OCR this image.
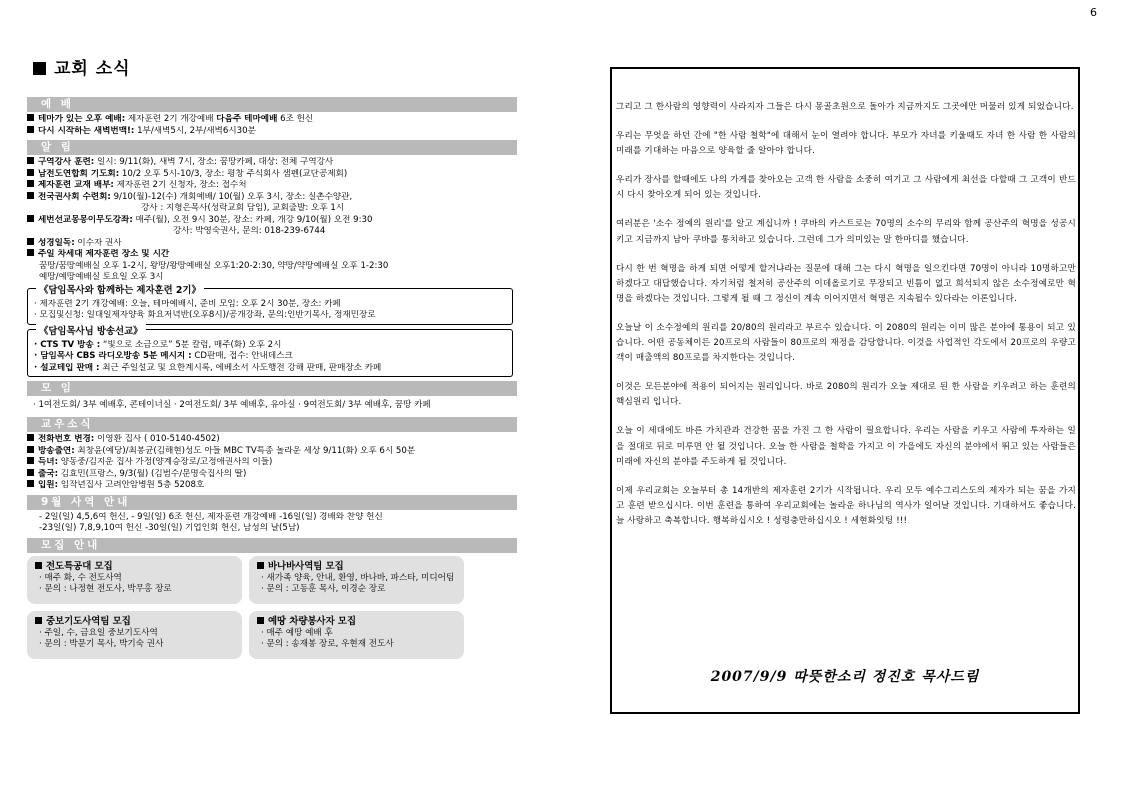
6
교회 소식
예 배
테마가 있는 오후 예배: 제자훈련 2기 개강예배 다음주 테마예배 6조 헌신
다시 시작하는 새벽번맥!: 1부/새벽5시, 2부/새벽6시30분
알 림
구역강사 훈련: 일시: 9/11(화), 새벽 7시, 장소: 꿈땅카페, 대상: 전체 구역강사
남전도연합회 기도회: 10/2 오후 5시-10/3, 장소: 평창 주식회사 샘펜(교단공제회)
제자훈련 교재 배부: 제자훈련 2기 신청자, 장소: 접수처
전국권사회 수련회: 9/10(월)-12(수) 개회예배/ 10(월) 오후 3시, 장소: 실촌수양관,
강사 : 지형은목사(성락교회 담임), 교회출발: 오후 1시
세번선교몽몽이무도강좌: 매주(월), 오전 9시 30분, 장소: 카페, 개강 9/10(월) 오전 9:30
강사: 박영숙권사, 문의: 018-239-6744
성경일독: 이수자 권사
주일 차세대 제자훈련 장소 및 시간
꿈땅/꿈땅예배실 오후 1-2시, 왕땅/왕땅예배실 오후1:20-2:30, 약땅/약땅예배실 오후 1-2:30
예땅/예땅예배실 토요일 오후 3시
《담임목사와 함께하는 제자훈련 2기》
· 제자훈련 2기 개강예배: 오늘, 테마예배시, 준비 모임: 오후 2시 30분, 장소: 카페
· 모집및신청: 일대일제자양육 화요저녁반(오후8시)/공개강좌, 문의:인반기목사, 정재민장로
《담임목사님 방송선교》
· CTS TV 방송 : “빛으로 소금으로” 5분 칼럼, 매주(화) 오후 2시
· 담임목사 CBS 라디오방송 5분 메시지 : CD판매, 접수: 안내데스크
· 설교테입 판매 : 최근 주일설교 및 요한계시록, 에베소서 사도행전 강해 판매, 판매장소 카페
모 임
· 1여전도회/ 3부 예배후, 콘테이너실 · 2여전도회/ 3부 예배후, 유아실 · 9여전도회/ 3부 예배후, 꿈땅 카페
교우소식
전화번호 변경: 이영환 집사 ( 010-5140-4502)
방송출연: 최창윤(예당)/최봉균(김해현)성도 아들 MBC TV특종 놀라운 세상 9/11(화) 오후 6시 50분
득녀: 양동중/김지운 집사 가정(양계승장로/고정애권사의 이들)
출국: 김효민(프랑스, 9/3(월) (김범수/문명숙집사의 딸)
입원: 임작년집사 고려안암병원 5층 5208호
9월 사역 안내
- 2일(일) 4,5,6여 헌신, - 9일(일) 6조 헌신, 제자훈련 개강예배 -16일(일) 경배와 찬양 헌신
-23일(일) 7,8,9,10여 헌신 -30일(일) 기업인회 헌신, 남성의 날(5남)
모집 안내
전도특공대 모집
· 매주 화, 수 전도사역
· 문의 : 나정현 전도사, 박무홍 장로
바나바사역팀 모집
· 새가족 양육, 안내, 환영, 바나바, 파스타, 미디어팀
· 문의 : 고동훈 목사, 이경순 장로
중보기도사역팀 모집
· 주일, 수, 금요일 중보기도사역
· 문의 : 박문기 목사, 박기숙 권사
예땅 차량봉사자 모집
· 매주 예땅 예배 후
· 문의 : 송재봉 장로, 우현재 전도사

그리고 그 한사람의 영향력이 사라지자 그들은 다시 몽골초원으로 돌아가 지금까지도 그곳에만 머물러 있게 되었습니다.

우리는 무엇을 하던 간에 "한 사람 철학"에 대해서 눈이 열려야 합니다. 부모가 자녀를 키울때도 자녀 한 사람 한 사람의 미래를 기대하는 마음으로 양육할 줄 알아야 합니다.

우리가 장사를 할때에도 나의 가게를 찾아오는 고객 한 사람을 소중히 여기고 그 사람에게 최선을 다할때 그 고객이 반드시 다시 찾아오게 되어 있는 것입니다.

여러분은 '소수 정예의 원리'를 알고 계십니까 ! 쿠바의 카스트로는 70명의 소수의 무리와 함께 공산주의 혁명을 성공시키고 지금까지 남아 쿠바를 통치하고 있습니다. 그런데 그가 의미있는 말 한마디를 했습니다.

다시 한 번 혁명을 하게 되면 어떻게 할거냐라는 질문에 대해 그는 다시 혁명을 일으킨다면 70명이 아니라 10명하고만 하겠다고 대답했습니다. 자기처럼 철저히 공산주의 이데올로기로 무장되고 빈틈이 없고 희석되지 않은 소수정예로만 혁명을 하겠다는 것입니다. 그렇게 될 때 그 정신이 계속 이어지면서 혁명은 지속될수 있다라는 이론입니다.

오늘날 이 소수정예의 원리를 20/80의 원리라고 부르수 있습니다. 이 2080의 원리는 이미 많은 분야에 통용이 되고 있습니다. 어떤 공동체이든 20프로의 사람들이 80프로의 재정을 감당합니다. 이것을 사업적인 각도에서 20프로의 우량고객이 매출액의 80프로를 차지한다는 것입니다.

이것은 모든분야에 적용이 되어지는 원리입니다. 바로 2080의 원리가 오늘 제대로 된 한 사람을 키우려고 하는 훈련의 핵심원리 입니다.

오늘 이 세대에도 바른 가치관과 건강한 꿈을 가진 그 한 사람이 필요합니다. 우리는 사람을 키우고 사람에 투자하는 일을 절대로 뒤로 미루면 안 될 것입니다. 오늘 한 사람을 철학을 가지고 이 가을에도 자신의 분야에서 뛰고 있는 사람들은 미래에 자신의 분야를 주도하게 될 것입니다.

이제 우리교회는 오늘부터 총 14개반의 제자훈련 2기가 시작됩니다. 우리 모두 예수그리스도의 제자가 되는 꿈을 가지고 훈련 받으십시다. 이번 훈련을 통하여 우리교회에는 놀라운 하나님의 역사가 일어날 것입니다. 기대하셔도 좋습니다. 늘 사랑하고 축복합니다. 행복하십시오 ! 성령충만하십시오 ! 세현화잇팅 !!!

2007/9/9 따뜻한소리 정진호 목사드림
